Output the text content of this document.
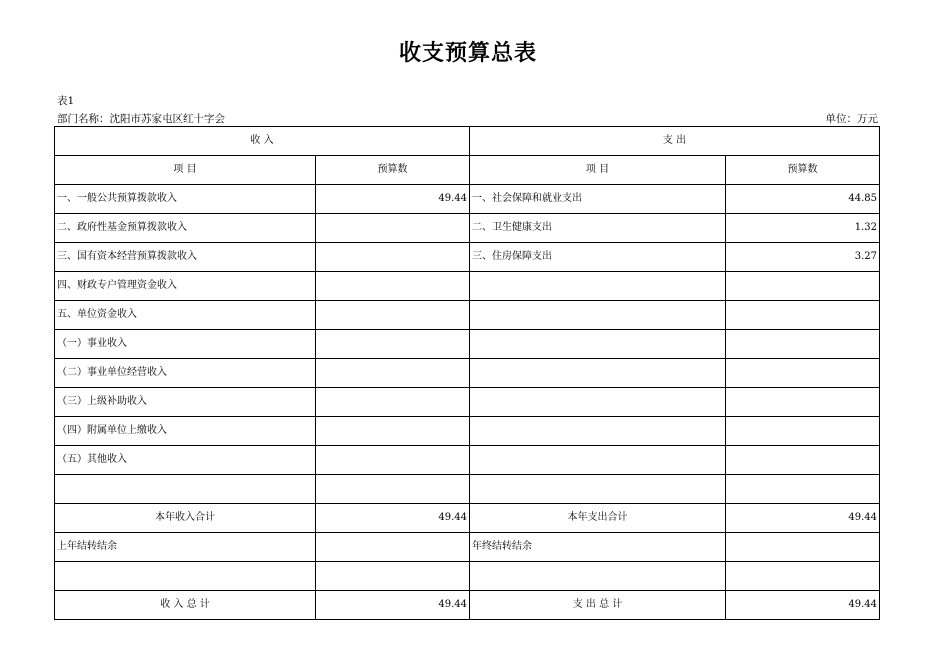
收支预算总表
表1
部门名称：沈阳市苏家屯区红十字会	单位：万元
收 入		支 出	
项 目	预算数	项 目	预算数
一、一般公共预算拨款收入	49.44	一、社会保障和就业支出	44.85
二、政府性基金预算拨款收入		二、卫生健康支出	1.32
三、国有资本经营预算拨款收入		三、住房保障支出	3.27
四、财政专户管理资金收入			
五、单位资金收入			
（一）事业收入			
（二）事业单位经营收入			
（三）上级补助收入			
（四）附属单位上缴收入			
（五）其他收入			

本年收入合计	49.44	本年支出合计	49.44
上年结转结余		年终结转结余	

收 入 总 计	49.44	支 出 总 计	49.44
